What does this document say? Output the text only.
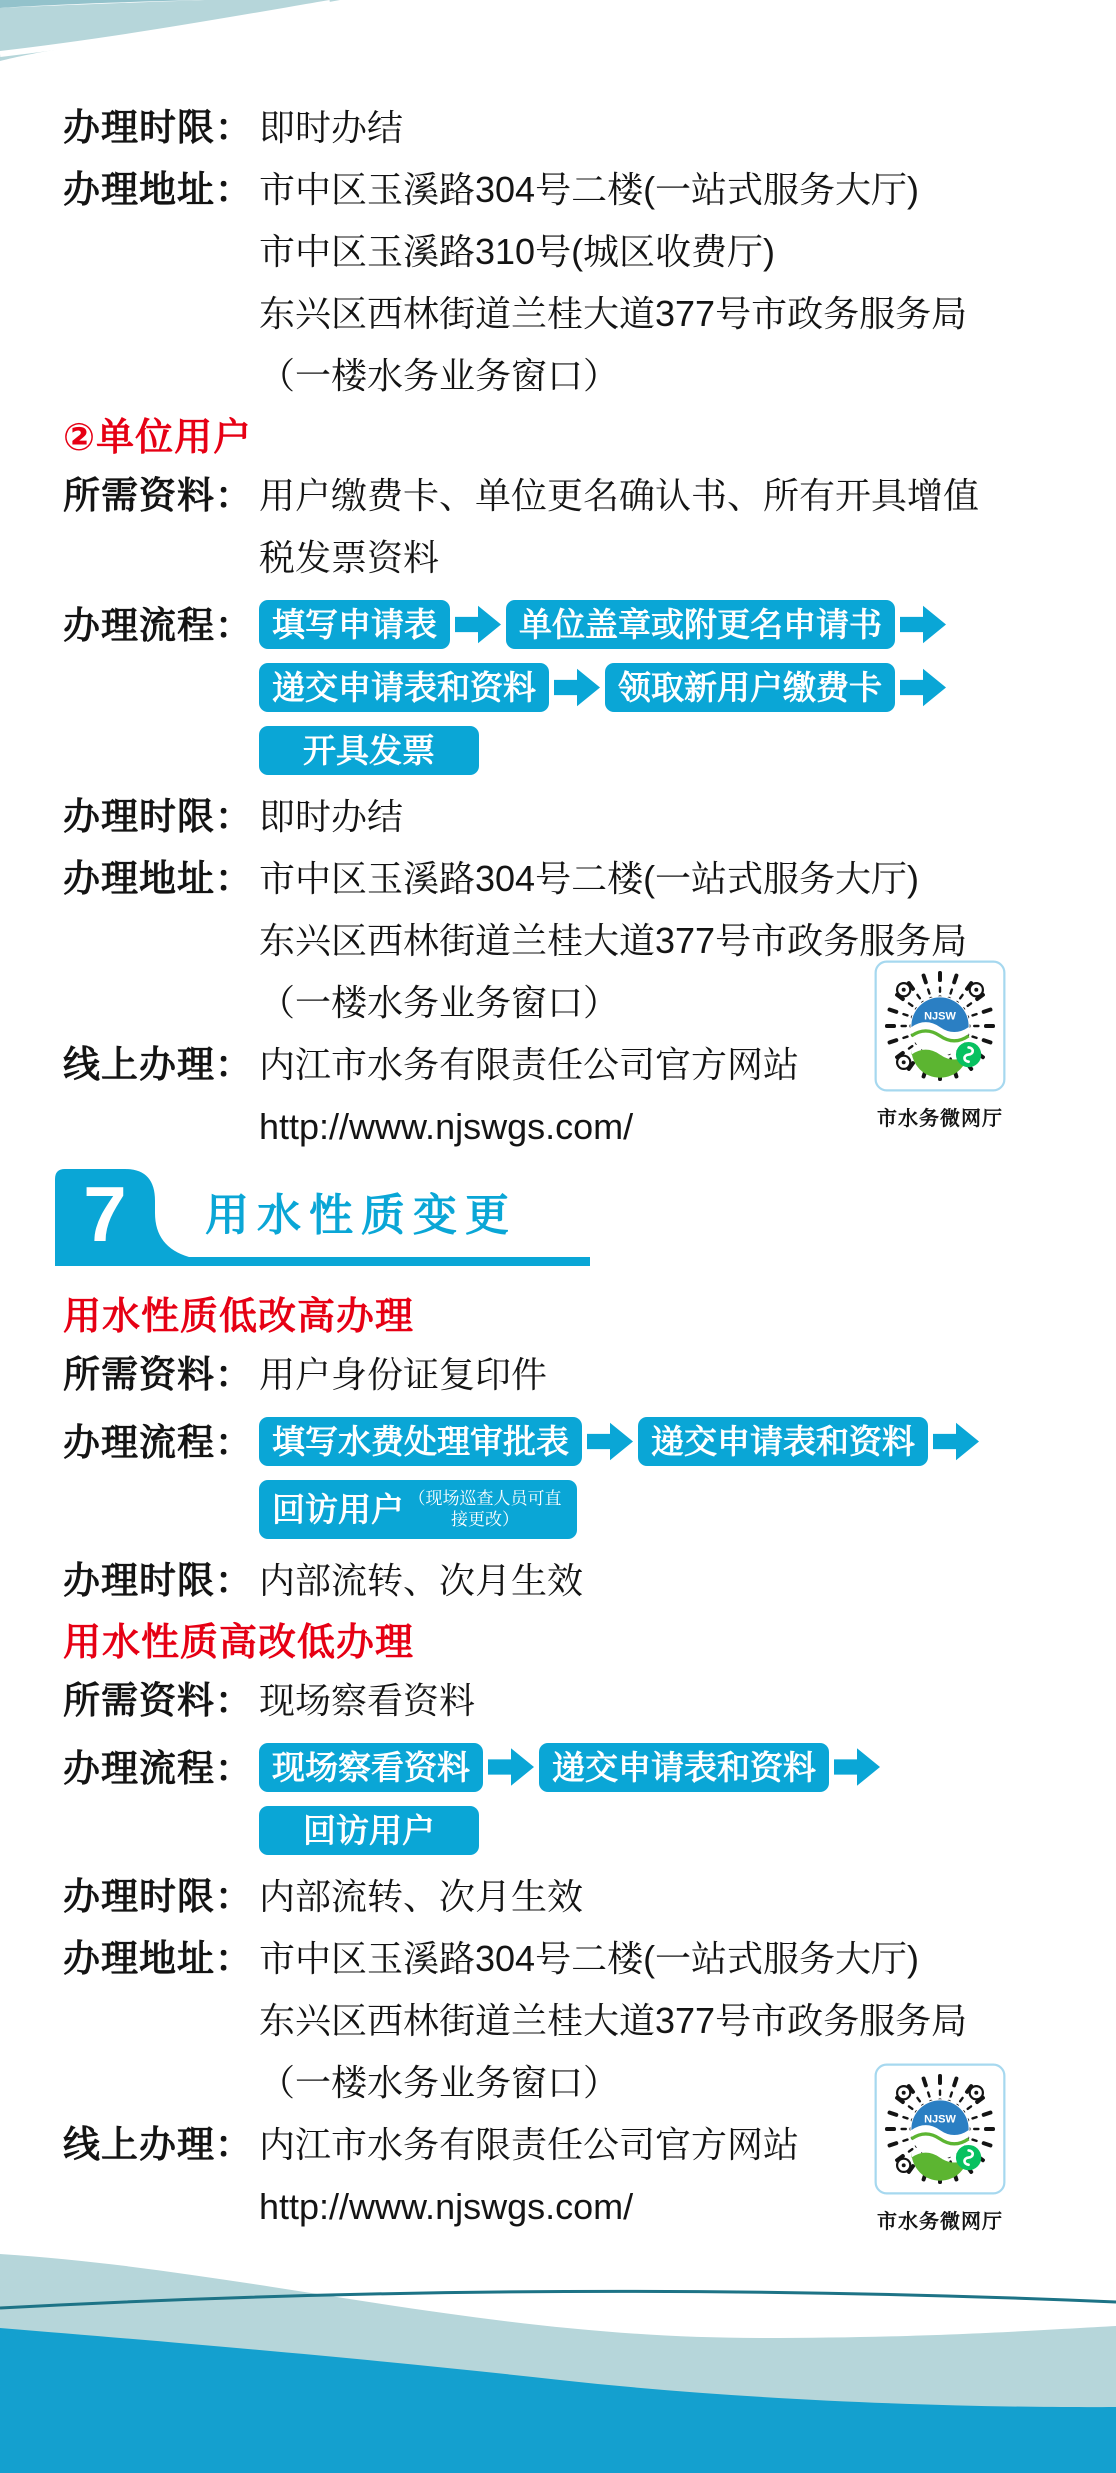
办理时限： 即时办结
办理地址： 市中区玉溪路304号二楼(一站式服务大厅)
市中区玉溪路310号(城区收费厅)
东兴区西林街道兰桂大道377号市政务服务局
（一楼水务业务窗口）
②单位用户
所需资料： 用户缴费卡、单位更名确认书、所有开具增值
税发票资料
办理流程： 填写申请表	单位盖章或附更名申请书
递交申请表和资料	领取新用户缴费卡
开具发票
办理时限： 即时办结
办理地址： 市中区玉溪路304号二楼(一站式服务大厅)
东兴区西林街道兰桂大道377号市政务服务局
（一楼水务业务窗口）
线上办理： 内江市水务有限责任公司官方网站
http://www.njswgs.com/
NJSW
市水务微网厅
7 用水性质变更
用水性质低改高办理
所需资料： 用户身份证复印件
办理流程： 填写水费处理审批表	递交申请表和资料
回访用户 （现场巡查人员可直接更改）
办理时限： 内部流转、次月生效
用水性质高改低办理
所需资料： 现场察看资料
办理流程： 现场察看资料	递交申请表和资料
回访用户
办理时限： 内部流转、次月生效
办理地址： 市中区玉溪路304号二楼(一站式服务大厅)
东兴区西林街道兰桂大道377号市政务服务局
（一楼水务业务窗口）
线上办理： 内江市水务有限责任公司官方网站
http://www.njswgs.com/	市水务微网厅
